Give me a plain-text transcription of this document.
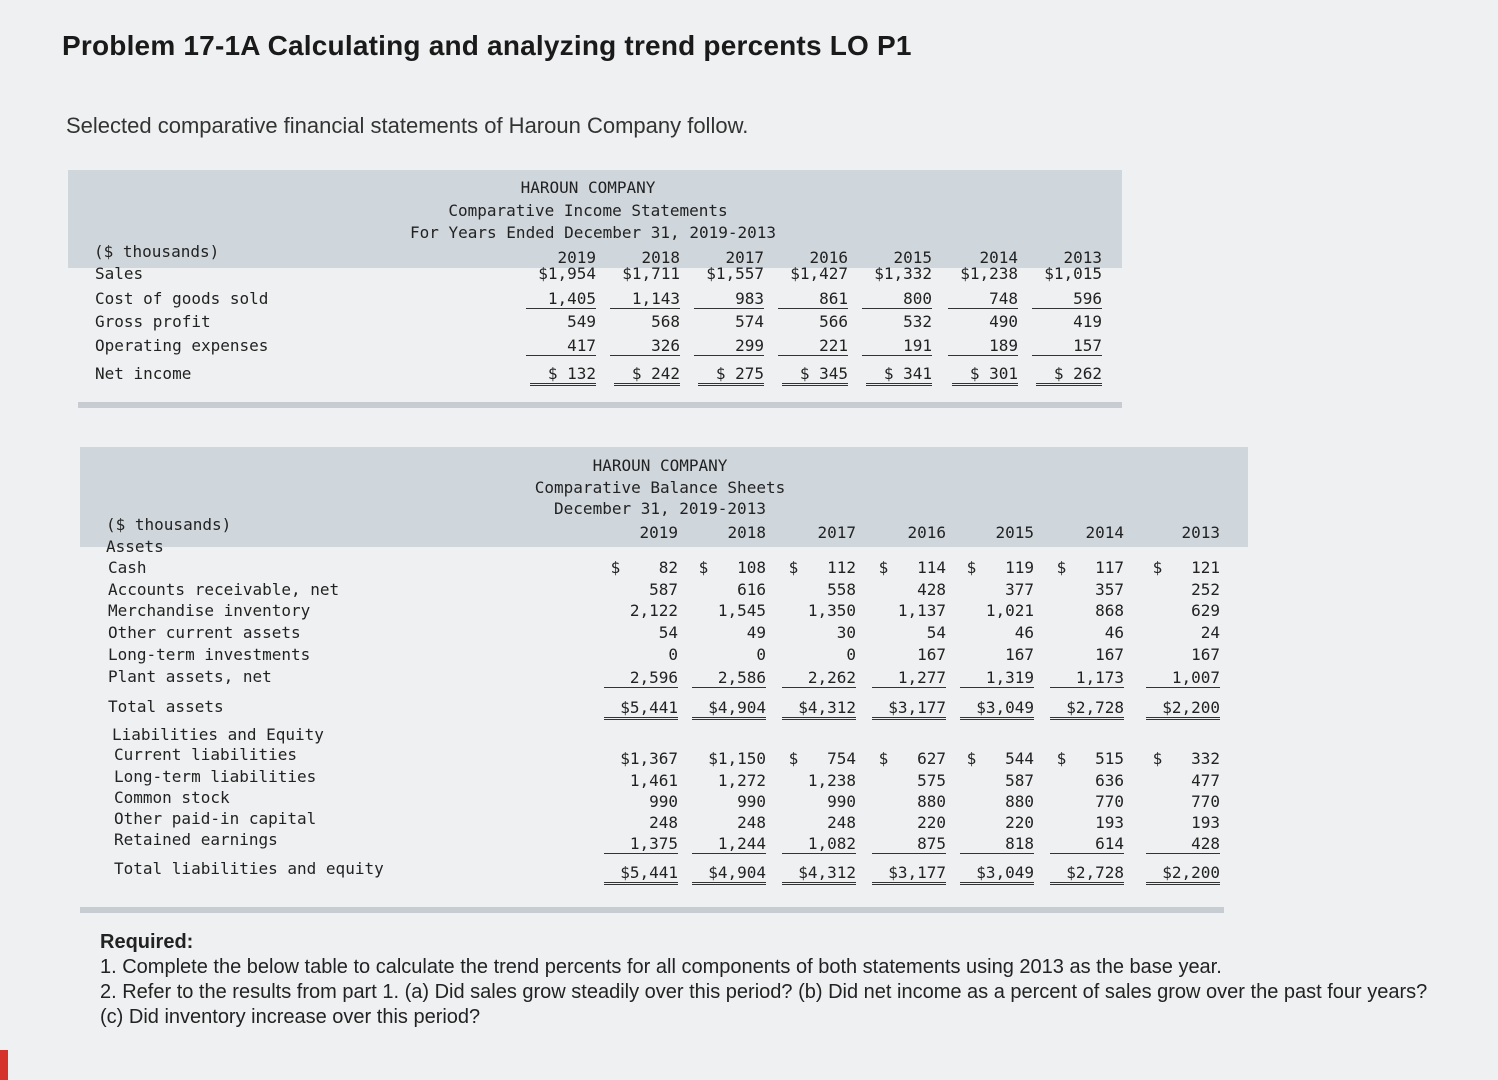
Problem 17-1A Calculating and analyzing trend percents LO P1
Selected comparative financial statements of Haroun Company follow.
HAROUN COMPANY
Comparative Income Statements
For Years Ended December 31, 2019-2013
($ thousands)	2019	2018	2017	2016	2015	2014	2013
Sales	$1,954	$1,711	$1,557	$1,427	$1,332	$1,238	$1,015
Cost of goods sold	1,405	1,143	983	861	800	748	596
Gross profit	549	568	574	566	532	490	419
Operating expenses	417	326	299	221	191	189	157
Net income	$ 132	$ 242	$ 275	$ 345	$ 341	$ 301	$ 262
HAROUN COMPANY
Comparative Balance Sheets
December 31, 2019-2013
($ thousands)
Assets
Liabilities and Equity
2019	2018	2017	2016	2015	2014	2013
Cash	$    82	$   108	$   112	$   114	$   119	$   117	$   121
Accounts receivable, net	587	616	558	428	377	357	252
Merchandise inventory	2,122	1,545	1,350	1,137	1,021	868	629
Other current assets	54	49	30	54	46	46	24
Long-term investments	0	0	0	167	167	167	167
Plant assets, net	2,596	2,586	2,262	1,277	1,319	1,173	1,007
Total assets	$5,441	$4,904	$4,312	$3,177	$3,049	$2,728	$2,200
Current liabilities	$1,367	$1,150	$   754	$   627	$   544	$   515	$   332
Long-term liabilities	1,461	1,272	1,238	575	587	636	477
Common stock	990	990	990	880	880	770	770
Other paid-in capital	248	248	248	220	220	193	193
Retained earnings	1,375	1,244	1,082	875	818	614	428
Total liabilities and equity	$5,441	$4,904	$4,312	$3,177	$3,049	$2,728	$2,200
Required:
1. Complete the below table to calculate the trend percents for all components of both statements using 2013 as the base year.
2. Refer to the results from part 1. (a) Did sales grow steadily over this period? (b) Did net income as a percent of sales grow over the past four years? (c) Did inventory increase over this period?
